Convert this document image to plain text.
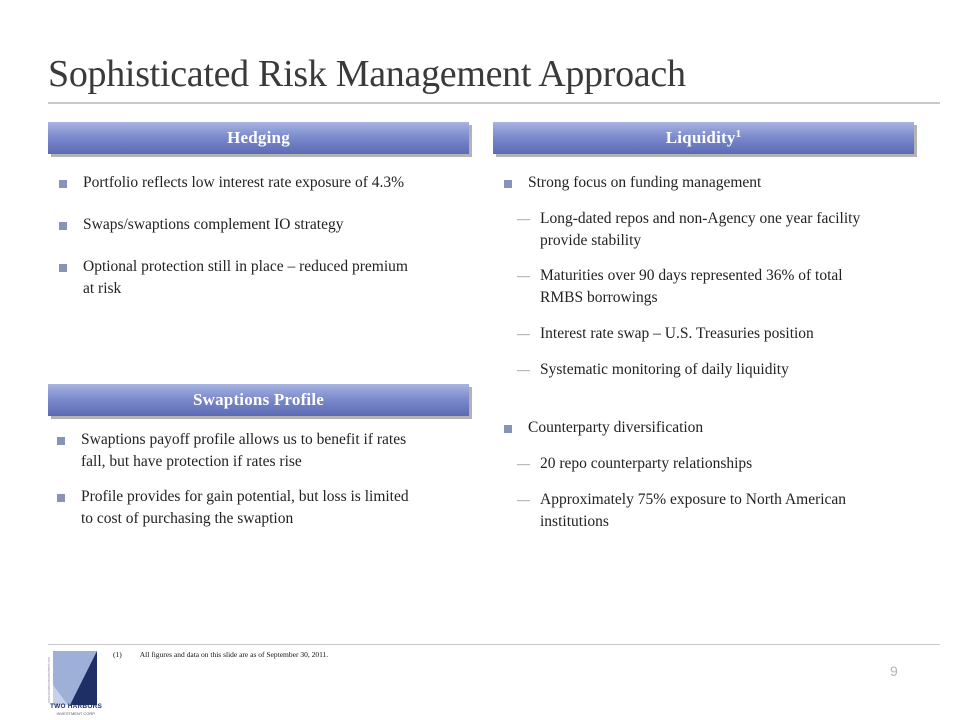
Sophisticated Risk Management Approach
Hedging
Portfolio reflects low interest rate exposure of 4.3%
Swaps/swaptions complement IO strategy
Optional protection still in place – reduced premium
at risk
Swaptions Profile
Swaptions payoff profile allows us to benefit if rates
fall, but have protection if rates rise
Profile provides for gain potential, but loss is limited
to cost of purchasing the swaption
Liquidity$^1$
Strong focus on funding management
— Long-dated repos and non-Agency one year facility
provide stability
— Maturities over 90 days represented 36% of total
RMBS borrowings
— Interest rate swap – U.S. Treasuries position
— Systematic monitoring of daily liquidity
Counterparty diversification
— 20 repo counterparty relationships
— Approximately 75% exposure to North American
institutions
(1) All figures and data on this slide are as of September 30, 2011.
9
www.twoharborsinvestment.com
TWO HARBORS
INVESTMENT CORP.
